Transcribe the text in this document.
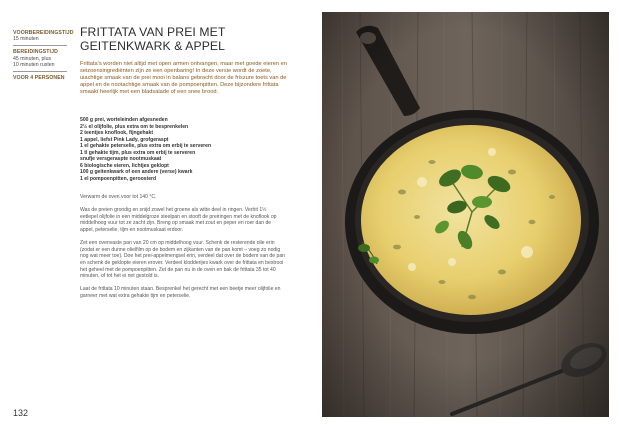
VOORBEREIDINGSTIJD
15 minuten
BEREIDINGSTIJD
45 minuten, plus
10 minuten rusten
VOOR 4 PERSONEN
FRITTATA VAN PREI MET
GEITENKWARK & APPEL
Frittata’s worden niet altijd met open armen ontvangen, maar met goede eieren en seizoensingrediënten zijn ze een openbaring! In deze versie wordt de zoete, uiachtige smaak van de prei mooi in balans gebracht door de friszure toets van de appel en de nootachtige smaak van de pompoenpitten. Deze bijzondere frittata smaakt heerlijk met een bladsalade of een snee brood.
500 g prei, worteleinden afgesneden
2½ el olijfolie, plus extra om te besprenkelen
2 teentjes knoflook, fijngehakt
1 appel, liefst Pink Lady, grofgeraspt
1 el gehakte peterselie, plus extra om erbij te serveren
1 tl gehakte tijm, plus extra om erbij te serveren
snufje versgeraspte nootmuskaat
6 biologische eieren, lichtjes geklopt
100 g geitenkwark of een andere (verse) kwark
1 el pompoenpitten, geroosterd

Verwarm de oven voor tot 140 °C.

Was de preien grondig en snijd zowel het groene als witte deel in ringen. Verhit 1½ eetlepel olijfolie in een middelgroze steelpan en stooft de preiringen met de knoflook op middelhoog vuur tot ze zacht zijn. Breng op smaak met zout en peper en roer dan de appel, peterselie, tijm en nootmuskaat erdoor.

Zet een ovenvaste pan van 20 cm op middelhoog vuur. Schenk de resterende olie erin (zodat er een dunne olielfilm op de bodem en zijkanten van de pan komt – voeg zo nodig nog wat meer toe). Doe het prei-appelmengsel erin, verdeel dat over de bodem van de pan en schenk de geklopte eieren erover. Verdeel klodderijes kwark over de frittata en bestrooi het geheel met de pompoenpitten. Zet de pan nu in de oven en bak de frittata 35 tot 40 minuten, of tot het ei net gestold is.

Laat de frittata 10 minuten staan. Besprenkel het gerecht met een beetje meer olijfolie en garneer met wat extra gehakte tijm en peterselie.

132
